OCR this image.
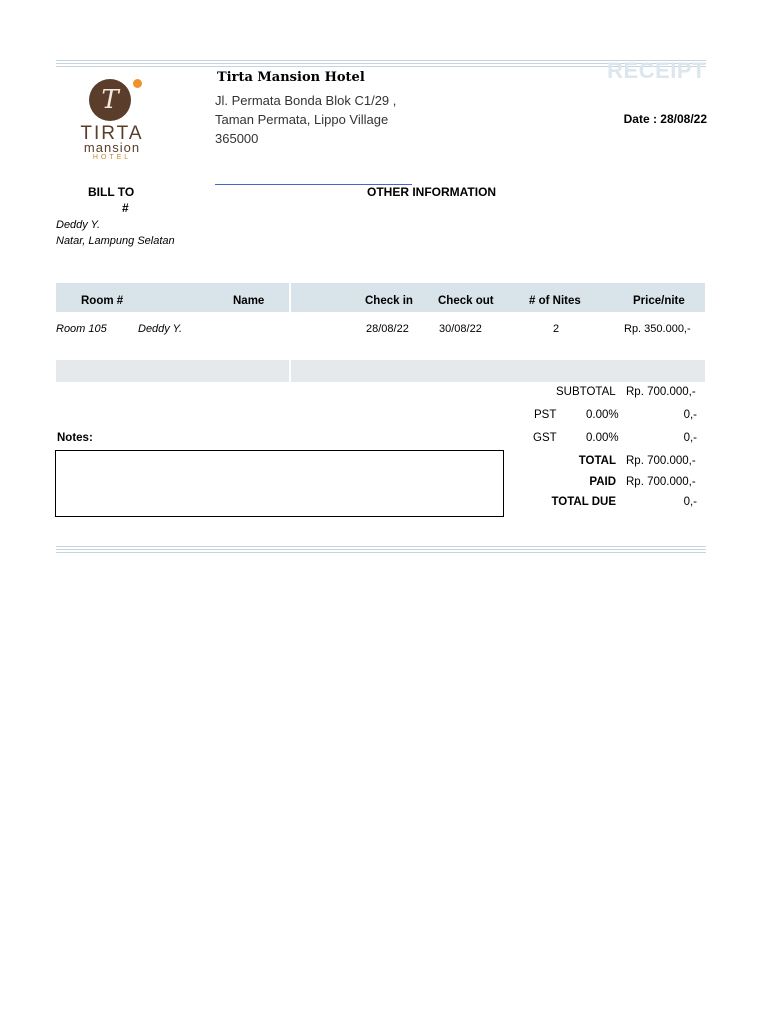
T
TIRTA
mansion
HOTEL
Tirta Mansion Hotel
Jl. Permata Bonda Blok C1/29 ,
Taman Permata, Lippo Village
365000
RECEIPT
Date : 28/08/22
BILL TO
#
Deddy Y.
Natar, Lampung Selatan
OTHER INFORMATION
Room #	Name	Check in Check out	# of Nites	Price/nite
Room 105	Deddy Y.	28/08/22	30/08/22	2	Rp. 350.000,-
SUBTOTAL Rp. 700.000,-
PST	0.00%	0,-
GST	0.00%	0,-
TOTAL Rp. 700.000,-
PAID Rp. 700.000,-
TOTAL DUE	0,-
Notes:
